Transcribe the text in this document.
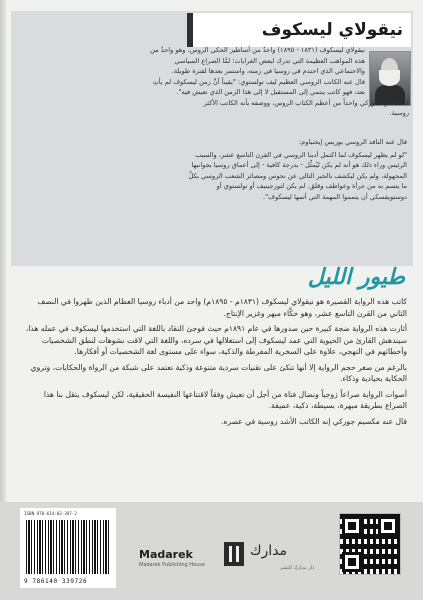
نيقولاي ليسكوف
نيقولاي ليسكوف (١٨٣١ - ١٨٩٥) واحدٌ من أساطير الحكي الروس، وهو واحدٌ من
هذه المواهب العظيمة التي تدرك لبعض الغرابات؛ لمَّا الصراع السياسي
والاجتماعي الذي احتدم في روسيا في زمنه، واستمر بعدها لفترة طويلة.
قال عنه الكاتب الروسي العظيم ليف تولستوي: "يقيناً أنَّ زمن ليسكوف لم يأتِ
بعد، فهو كاتب ينتمي إلى المستقبل لا إلى هذا الزمن الذي نعيش فيه".
كما اعتبره جوركي واحداً من أعظم الكتاب الروس، ووصفه بأنه الكاتب الأكثر
روسية.

قال عنه الناقد الروسي بوريس إيخنباوم:

"لو لم يظهر ليسكوف لما اكتمل أدبنا الروسي في القرن التاسع عشر، والسبب
الرئيس وراء ذلك هو أنه لم يكن ليُمثِّل - بدرجة كافية - إلى أعماق روسيا بجوانبها
المجهولة، ولم يكن ليكشف بالخبر التالي عن نحوس ومصائر الشعب الروسي بكلِّ
ما يتسم به من جرأة وعواطف وقلق. لم يكن لتورجينيف أو تولستوي أو
دوستويفسكي أن يتمموا المهمة التي أتمها ليسكوف".
طيور الليل

كاتب هذه الرواية القصيرة هو نيقولاي ليسكوف (١٨٣١م - ١٨٩٥م) واحد من أدباء روسيا العظام الذين ظهروا في النصف الثاني من القرن التاسع عشر، وهو حكَّاء مبهر وغزير الإنتاج.

أثارت هذه الرواية ضجة كبيرة حين صدورها في عام ١٨٩١م حيث فوجئ النقاد باللغة التي استخدمها ليسكوف في عمله هذا، سيندهش القارئ من الحيوية التي عمد ليسكوف إلى استغلالها في سرده، واللغة التي لاقت نشوهات لنطق الشخصيات وأخطائهم في التهجي، علاوة على السخرية المفرطة والذكية، سواء على مستوى لغة الشخصيات أو أفكارها.

بالرغم من صغر حجم الرواية إلا أنها تتكئ على تقنيات سردية متنوعة وذكية تعتمد على شبكة من الرواة والحكايات، وتروي الحكاية بحيادية وذكاء.

أصوات الرواية صراعاً زوجياً ونضال فتاة من أجل أن تعيش وفقاً لاقتناعها النفيسة الحقيقية، لكن ليسكوف يتقل بنا هذا الصراع بطريقة مبهرة، بسيطة، ذكية، عميقة.

قال عنه مكسيم جوركي إنه الكاتب الأشد روسية في عصره.

ISBN 978-614-03-397-2
9 786140 339726
Madarek
Madarek Publishing House
مدارك
دار مدارك للنشر
